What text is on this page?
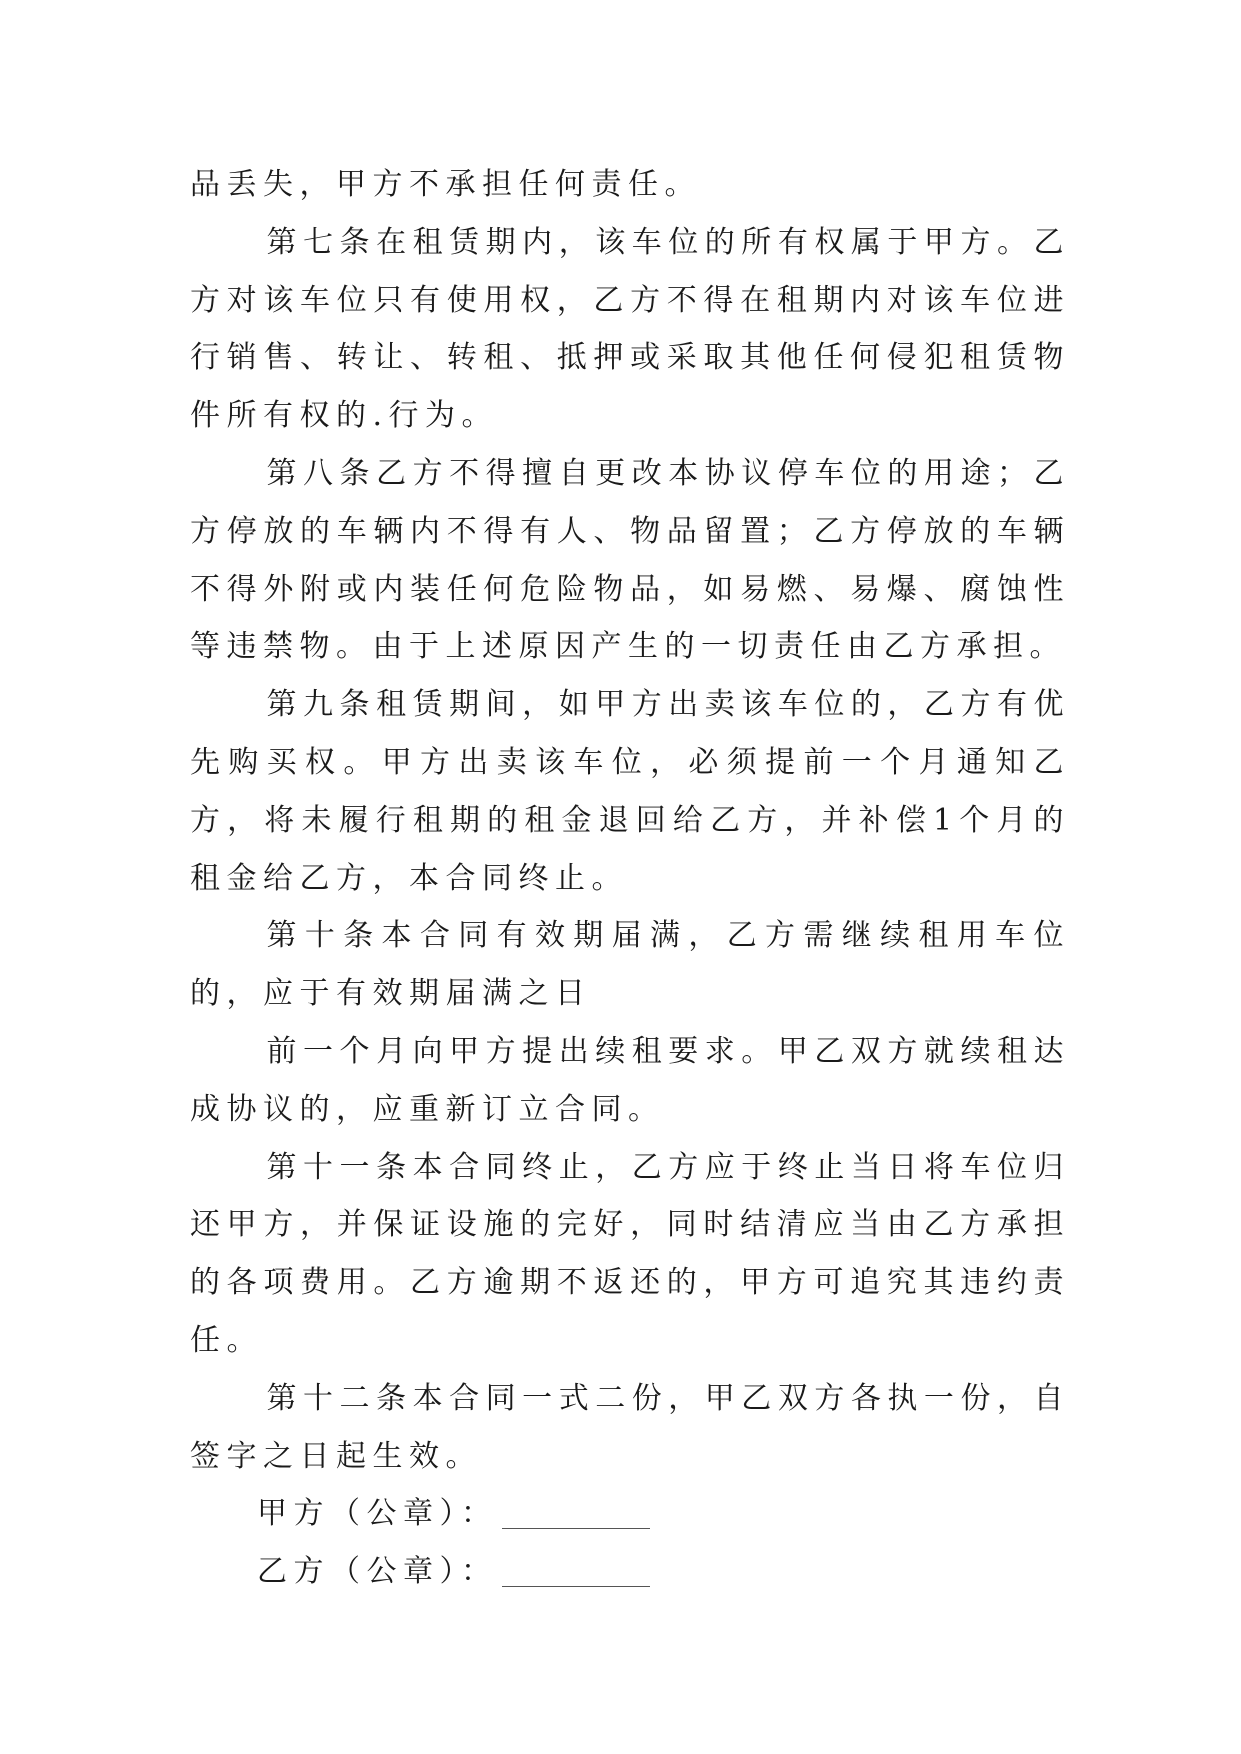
品丢失，甲方不承担任何责任。

第七条在租赁期内，该车位的所有权属于甲方。乙方对该车位只有使用权，乙方不得在租期内对该车位进行销售、转让、转租、抵押或采取其他任何侵犯租赁物件所有权的.行为。

第八条乙方不得擅自更改本协议停车位的用途；乙方停放的车辆内不得有人、物品留置；乙方停放的车辆不得外附或内装任何危险物品，如易燃、易爆、腐蚀性等违禁物。由于上述原因产生的一切责任由乙方承担。

第九条租赁期间，如甲方出卖该车位的，乙方有优先购买权。甲方出卖该车位，必须提前一个月通知乙方，将未履行租期的租金退回给乙方，并补偿1个月的租金给乙方，本合同终止。

第十条本合同有效期届满，乙方需继续租用车位的，应于有效期届满之日

前一个月向甲方提出续租要求。甲乙双方就续租达成协议的，应重新订立合同。

第十一条本合同终止，乙方应于终止当日将车位归还甲方，并保证设施的完好，同时结清应当由乙方承担的各项费用。乙方逾期不返还的，甲方可追究其违约责任。

第十二条本合同一式二份，甲乙双方各执一份，自签字之日起生效。

甲方（公章）：

乙方（公章）：
